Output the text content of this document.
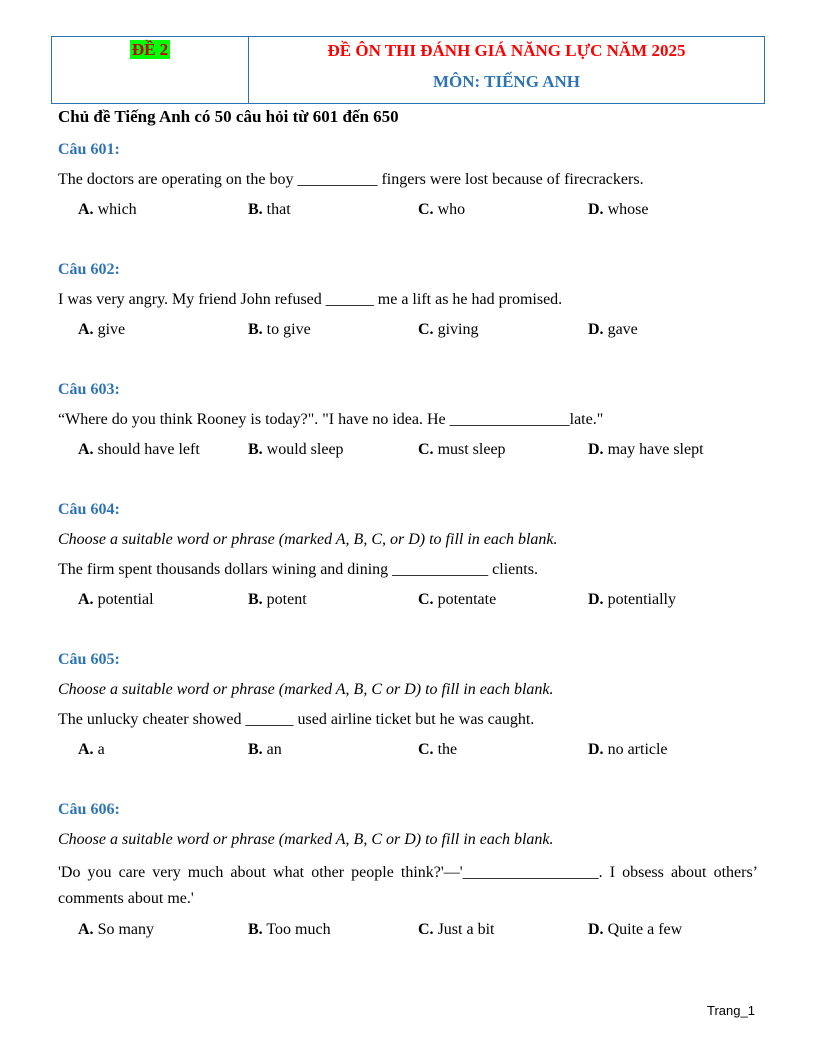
ĐỀ 2	ĐỀ ÔN THI ĐÁNH GIÁ NĂNG LỰC NĂM 2025
MÔN: TIẾNG ANH
Chủ đề Tiếng Anh có 50 câu hỏi từ 601 đến 650
Câu 601:
The doctors are operating on the boy __________ fingers were lost because of firecrackers.
A. which	B. that	C. who	D. whose
Câu 602:
I was very angry. My friend John refused ______ me a lift as he had promised.
A. give	B. to give	C. giving	D. gave
Câu 603:
“Where do you think Rooney is today?". "I have no idea. He _______________late."
A. should have left	B. would sleep	C. must sleep	D. may have slept
Câu 604:
Choose a suitable word or phrase (marked A, B, C, or D) to fill in each blank.
The firm spent thousands dollars wining and dining ____________ clients.
A. potential	B. potent	C. potentate	D. potentially
Câu 605:
Choose a suitable word or phrase (marked A, B, C or D) to fill in each blank.
The unlucky cheater showed ______ used airline ticket but he was caught.
A. a	B. an	C. the	D. no article
Câu 606:
Choose a suitable word or phrase (marked A, B, C or D) to fill in each blank.
'Do you care very much about what other people think?'—'_________________. I obsess about others’ comments about me.'
A. So many	B. Too much	C. Just a bit	D. Quite a few
Trang_1
